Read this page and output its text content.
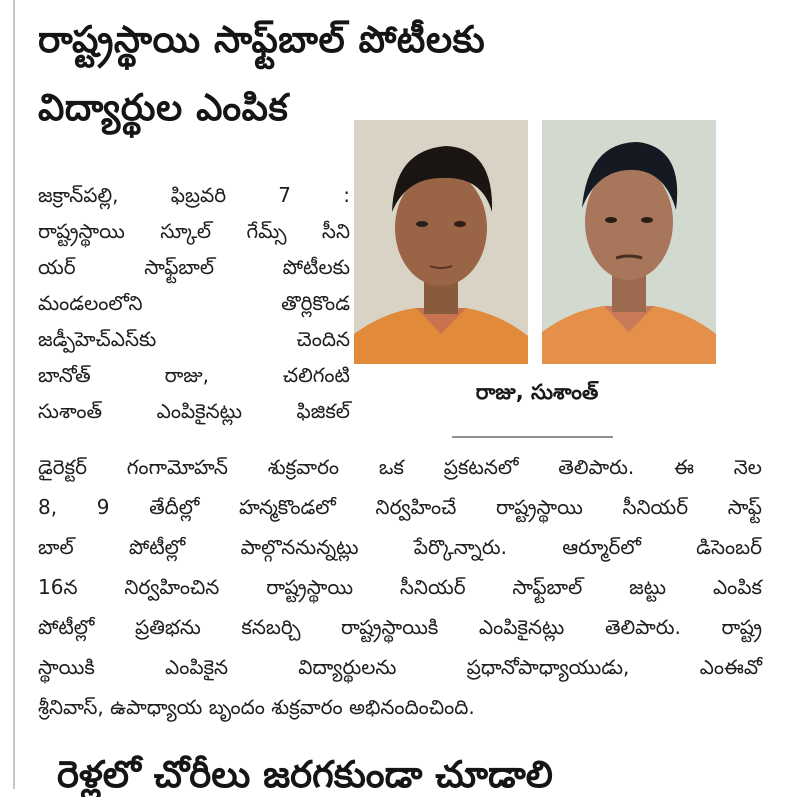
రాష్ట్రస్థాయి సాఫ్ట్‌బాల్ పోటీలకు
విద్యార్థుల ఎంపిక
రాజు, సుశాంత్

జక్రాన్‌పల్లి, ఫిబ్రవరి 7 :

రాష్ట్రస్థాయి స్కూల్ గేమ్స్ సీని

యర్ సాఫ్ట్‌బాల్ పోటీలకు

మండలంలోని తొర్లికొండ

జడ్పీహెచ్‌ఎస్‌కు చెందిన

బానోత్ రాజు, చలిగంటి

సుశాంత్ ఎంపికైనట్లు ఫిజికల్

డైరెక్టర్ గంగామోహన్ శుక్రవారం ఒక ప్రకటనలో తెలిపారు. ఈ నెల

8, 9 తేదీల్లో హన్మకొండలో నిర్వహించే రాష్ట్రస్థాయి సీనియర్ సాఫ్ట్

బాల్ పోటీల్లో పాల్గొననున్నట్లు పేర్కొన్నారు. ఆర్మూర్‌లో డిసెంబర్

16న నిర్వహించిన రాష్ట్రస్థాయి సీనియర్ సాఫ్ట్‌బాల్ జట్టు ఎంపిక

పోటీల్లో ప్రతిభను కనబర్చి రాష్ట్రస్థాయికి ఎంపికైనట్లు తెలిపారు. రాష్ట్ర

స్థాయికి ఎంపికైన విద్యార్థులను ప్రధానోపాధ్యాయుడు, ఎంఈవో

శ్రీనివాస్, ఉపాధ్యాయ బృందం శుక్రవారం అభినందించింది.

రెళ్లలో చోరీలు జరగకుండా చూడాలి
